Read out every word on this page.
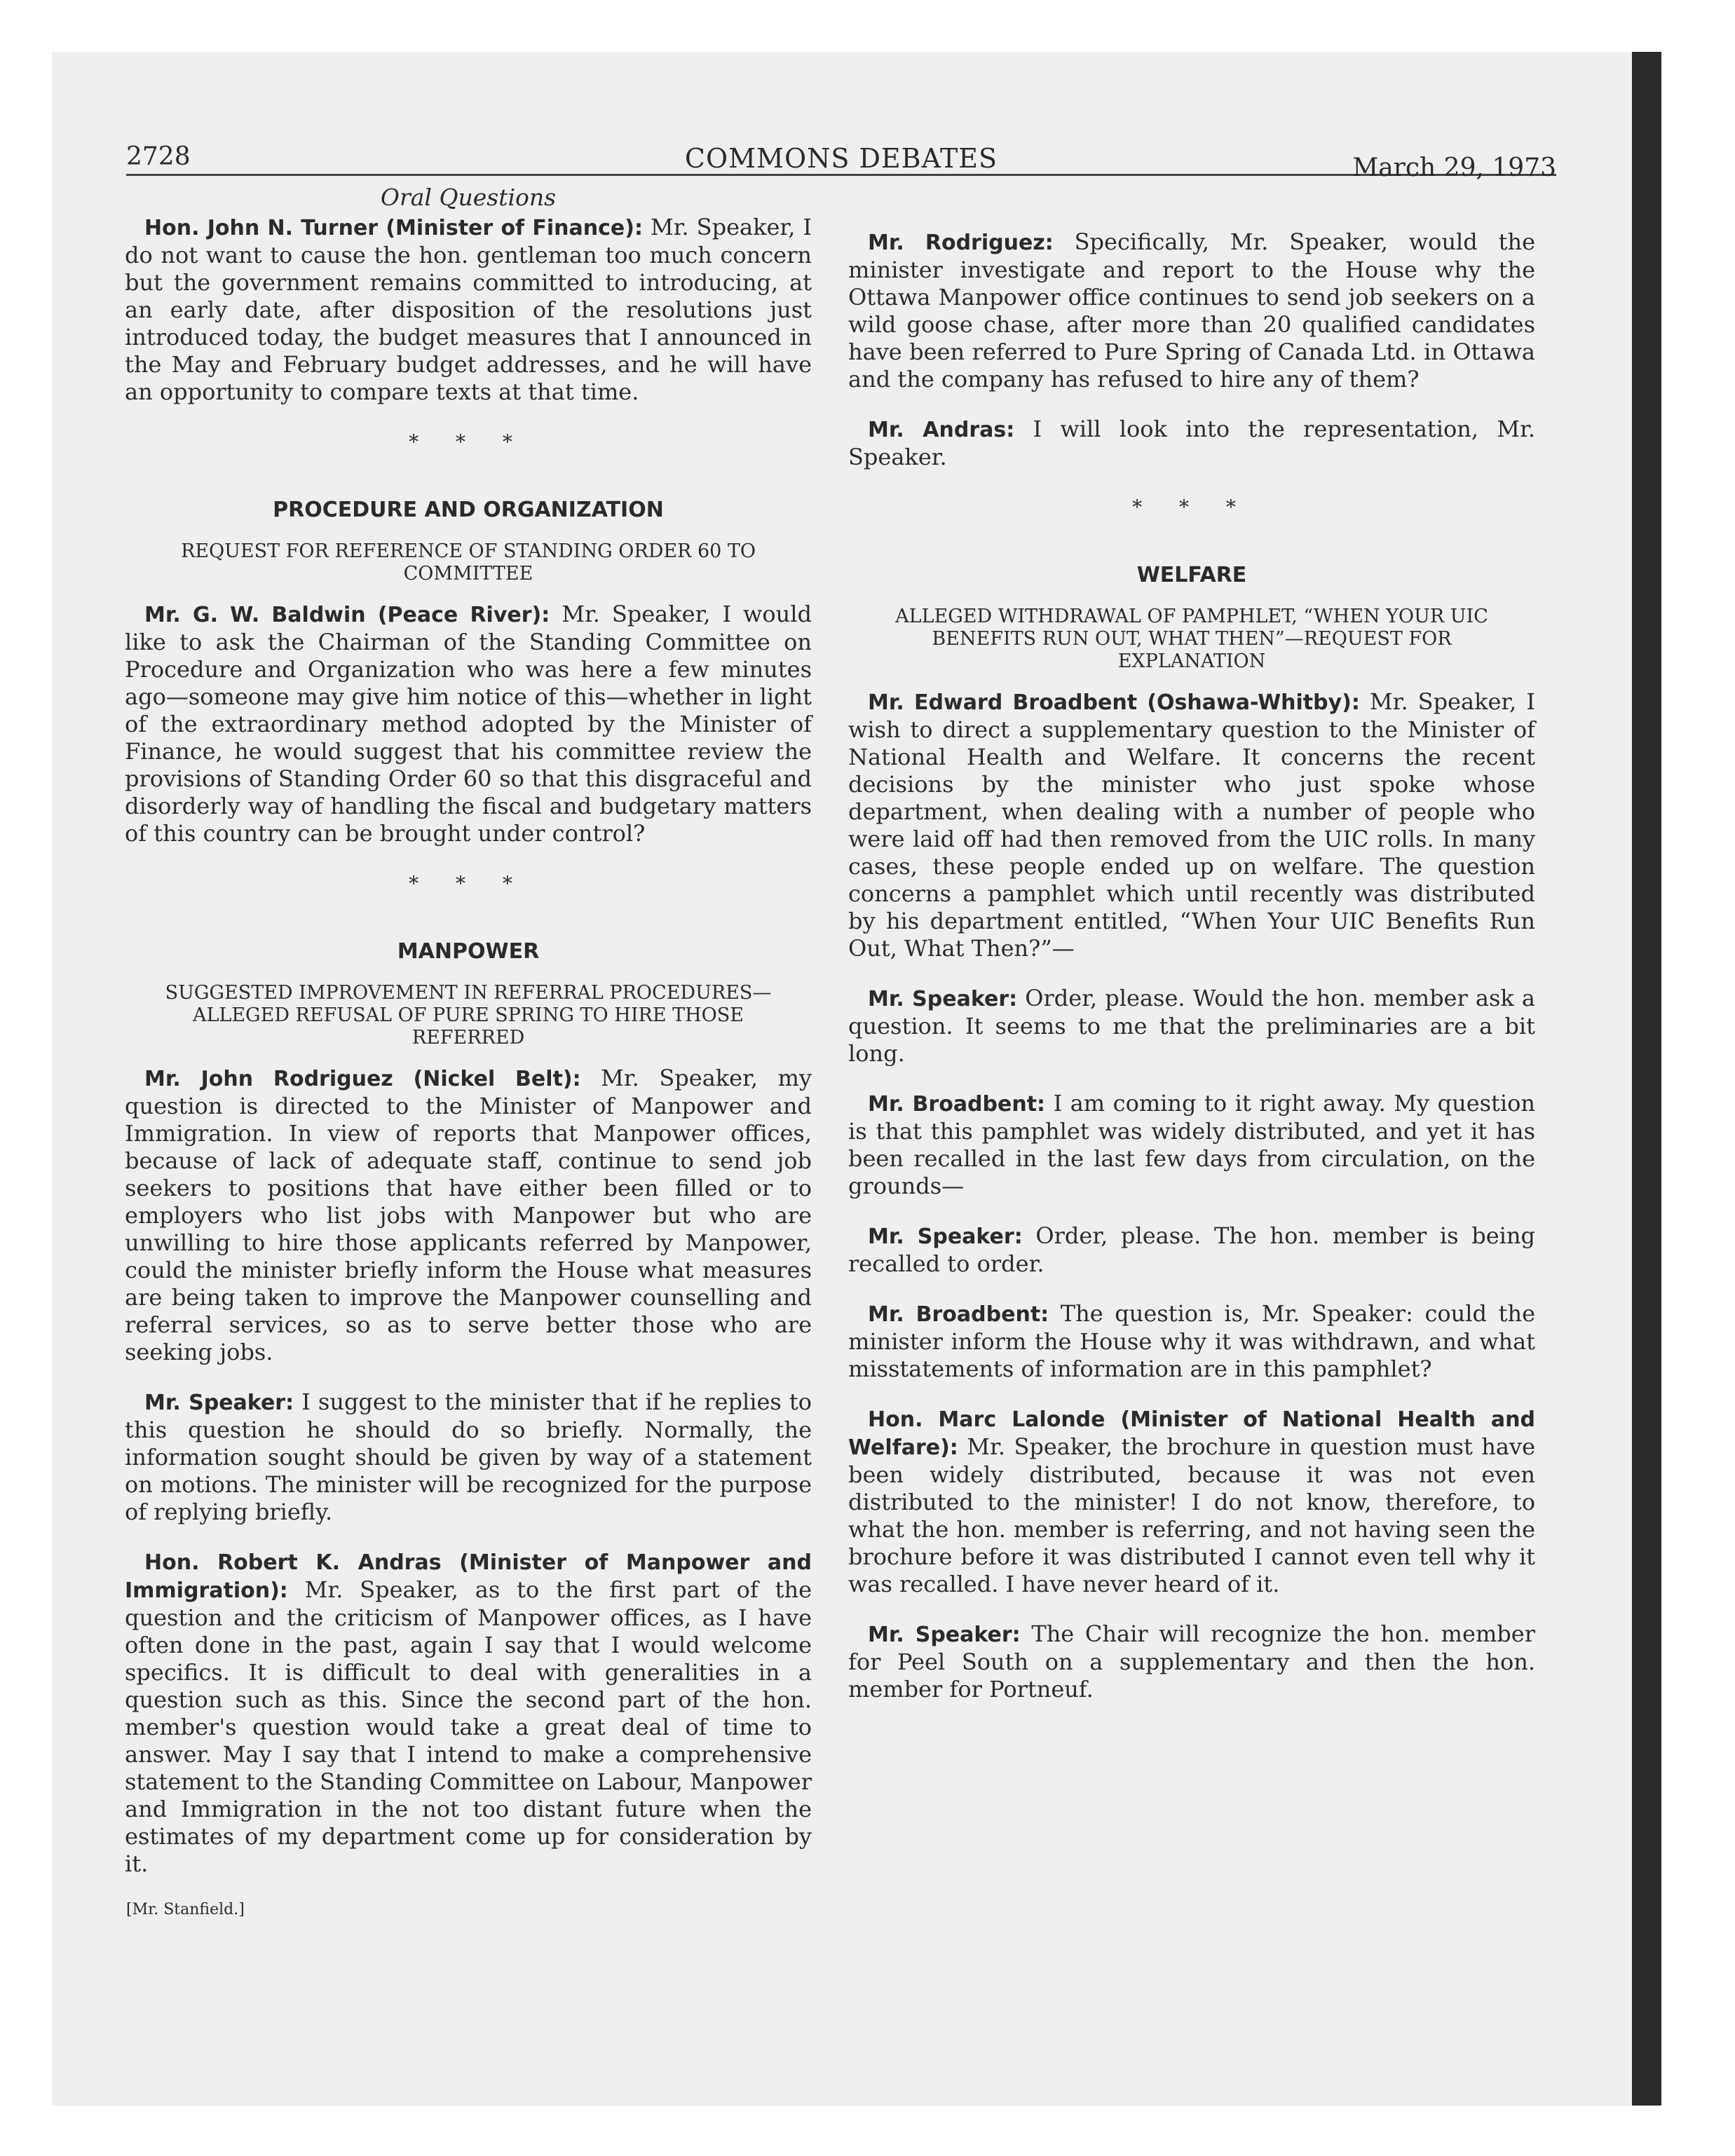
2728	COMMONS DEBATES	March 29, 1973
Oral Questions

Hon. John N. Turner (Minister of Finance): Mr. Speaker, I do not want to cause the hon. gentleman too much concern but the government remains committed to introducing, at an early date, after disposition of the resolutions just introduced today, the budget measures that I announced in the May and February budget addresses, and he will have an opportunity to compare texts at that time.

* * *
PROCEDURE AND ORGANIZATION
REQUEST FOR REFERENCE OF STANDING ORDER 60 TO COMMITTEE

Mr. G. W. Baldwin (Peace River): Mr. Speaker, I would like to ask the Chairman of the Standing Committee on Procedure and Organization who was here a few minutes ago—someone may give him notice of this—whether in light of the extraordinary method adopted by the Minister of Finance, he would suggest that his committee review the provisions of Standing Order 60 so that this disgraceful and disorderly way of handling the fiscal and budgetary matters of this country can be brought under control?

* * *
MANPOWER
SUGGESTED IMPROVEMENT IN REFERRAL PROCEDURES—ALLEGED REFUSAL OF PURE SPRING TO HIRE THOSE REFERRED

Mr. John Rodriguez (Nickel Belt): Mr. Speaker, my question is directed to the Minister of Manpower and Immigration. In view of reports that Manpower offices, because of lack of adequate staff, continue to send job seekers to positions that have either been filled or to employers who list jobs with Manpower but who are unwilling to hire those applicants referred by Manpower, could the minister briefly inform the House what measures are being taken to improve the Manpower counselling and referral services, so as to serve better those who are seeking jobs.

Mr. Speaker: I suggest to the minister that if he replies to this question he should do so briefly. Normally, the information sought should be given by way of a statement on motions. The minister will be recognized for the purpose of replying briefly.

Hon. Robert K. Andras (Minister of Manpower and Immigration): Mr. Speaker, as to the first part of the question and the criticism of Manpower offices, as I have often done in the past, again I say that I would welcome specifics. It is difficult to deal with generalities in a question such as this. Since the second part of the hon. member's question would take a great deal of time to answer. May I say that I intend to make a comprehensive statement to the Standing Committee on Labour, Manpower and Immigration in the not too distant future when the estimates of my department come up for consideration by it.

[Mr. Stanfield.]

Mr. Rodriguez: Specifically, Mr. Speaker, would the minister investigate and report to the House why the Ottawa Manpower office continues to send job seekers on a wild goose chase, after more than 20 qualified candidates have been referred to Pure Spring of Canada Ltd. in Ottawa and the company has refused to hire any of them?

Mr. Andras: I will look into the representation, Mr. Speaker.

* * *
WELFARE
ALLEGED WITHDRAWAL OF PAMPHLET, “WHEN YOUR UIC BENEFITS RUN OUT, WHAT THEN”—REQUEST FOR EXPLANATION

Mr. Edward Broadbent (Oshawa-Whitby): Mr. Speaker, I wish to direct a supplementary question to the Minister of National Health and Welfare. It concerns the recent decisions by the minister who just spoke whose department, when dealing with a number of people who were laid off had then removed from the UIC rolls. In many cases, these people ended up on welfare. The question concerns a pamphlet which until recently was distributed by his department entitled, “When Your UIC Benefits Run Out, What Then?”—

Mr. Speaker: Order, please. Would the hon. member ask a question. It seems to me that the preliminaries are a bit long.

Mr. Broadbent: I am coming to it right away. My question is that this pamphlet was widely distributed, and yet it has been recalled in the last few days from circulation, on the grounds—

Mr. Speaker: Order, please. The hon. member is being recalled to order.

Mr. Broadbent: The question is, Mr. Speaker: could the minister inform the House why it was withdrawn, and what misstatements of information are in this pamphlet?

Hon. Marc Lalonde (Minister of National Health and Welfare): Mr. Speaker, the brochure in question must have been widely distributed, because it was not even distributed to the minister! I do not know, therefore, to what the hon. member is referring, and not having seen the brochure before it was distributed I cannot even tell why it was recalled. I have never heard of it.

Mr. Speaker: The Chair will recognize the hon. member for Peel South on a supplementary and then the hon. member for Portneuf.
